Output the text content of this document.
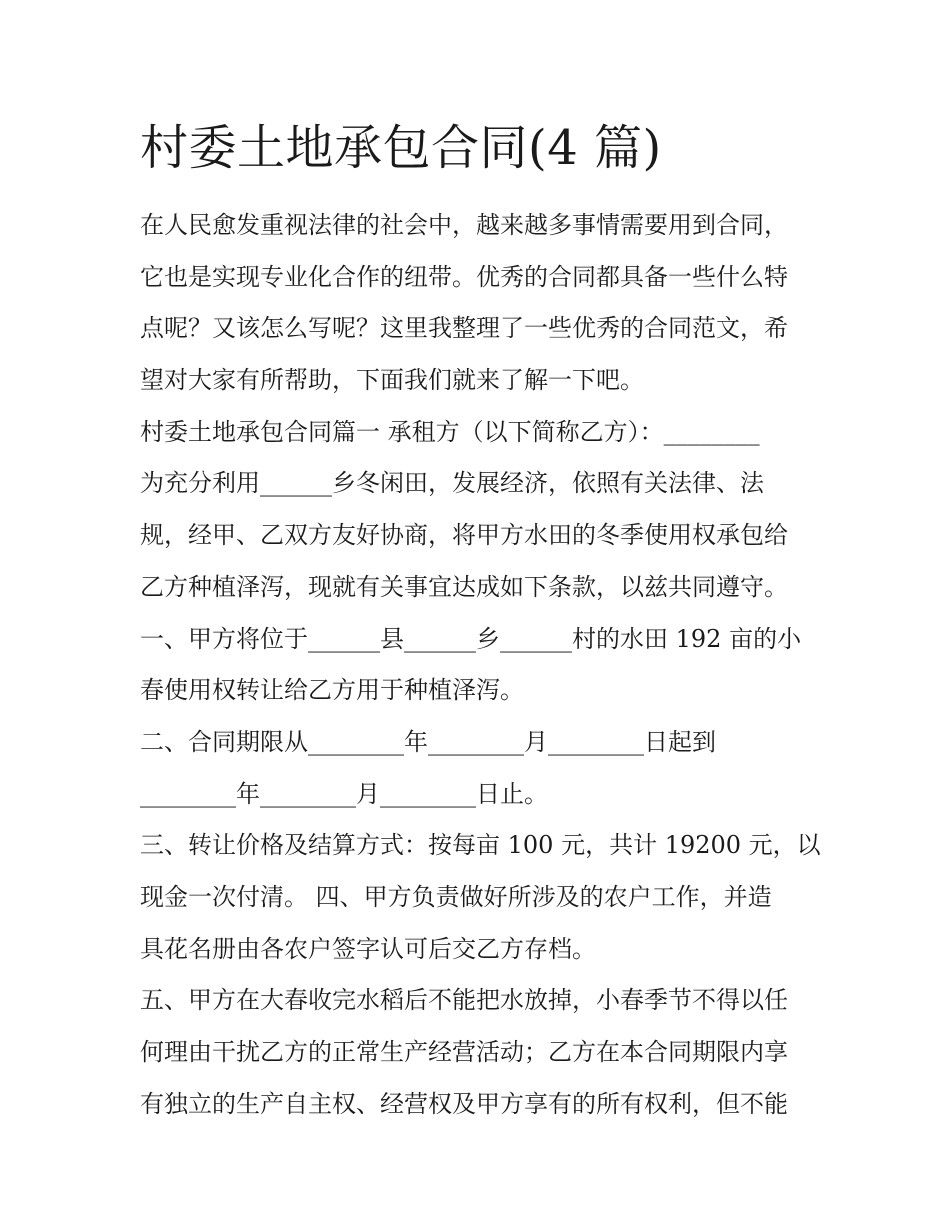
村委土地承包合同(4 篇)

在人民愈发重视法律的社会中，越来越多事情需要用到合同，

它也是实现专业化合作的纽带。优秀的合同都具备一些什么特

点呢？又该怎么写呢？这里我整理了一些优秀的合同范文，希

望对大家有所帮助，下面我们就来了解一下吧。

村委土地承包合同篇一 承租方（以下简称乙方）：________

为充分利用______乡冬闲田，发展经济，依照有关法律、法

规，经甲、乙双方友好协商，将甲方水田的冬季使用权承包给

乙方种植泽泻，现就有关事宜达成如下条款，以兹共同遵守。

一、甲方将位于______县______乡______村的水田 192 亩的小

春使用权转让给乙方用于种植泽泻。

二、合同期限从________年________月________日起到

________年________月________日止。

三、转让价格及结算方式：按每亩 100 元，共计 19200 元，以

现金一次付清。 四、甲方负责做好所涉及的农户工作，并造

具花名册由各农户签字认可后交乙方存档。

五、甲方在大春收完水稻后不能把水放掉，小春季节不得以任

何理由干扰乙方的正常生产经营活动；乙方在本合同期限内享

有独立的生产自主权、经营权及甲方享有的所有权利，但不能
